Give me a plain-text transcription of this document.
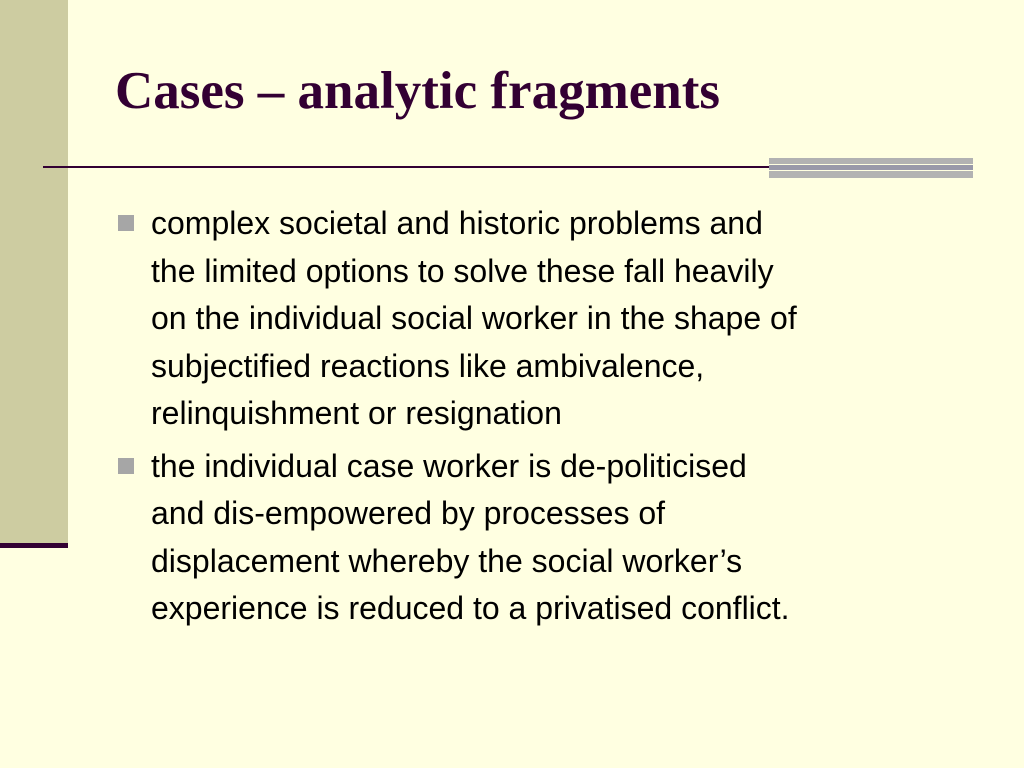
Cases – analytic fragments
complex societal and historic problems and
the limited options to solve these fall heavily
on the individual social worker in the shape of
subjectified reactions like ambivalence,
relinquishment or resignation
the individual case worker is de-politicised
and dis-empowered by processes of
displacement whereby the social worker’s
experience is reduced to a privatised conflict.
